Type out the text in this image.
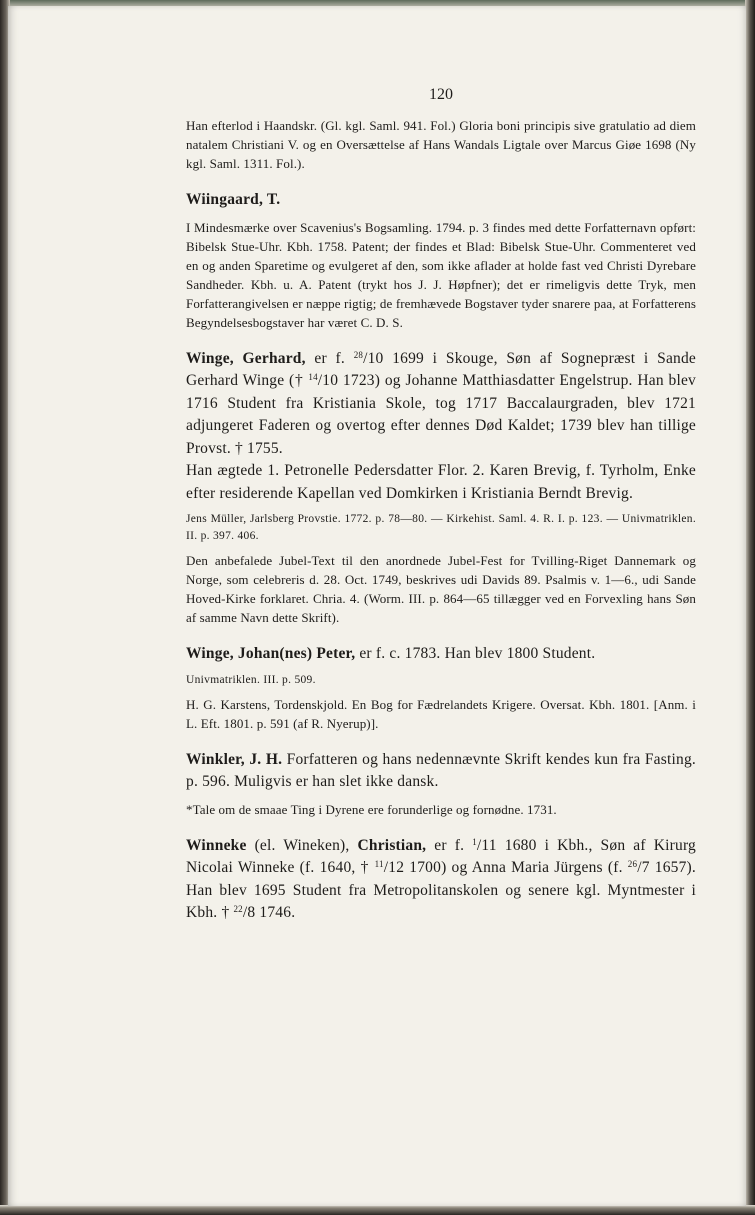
120

Han efterlod i Haandskr. (Gl. kgl. Saml. 941. Fol.) Gloria boni principis sive gratulatio ad diem natalem Christiani V. og en Oversættelse af Hans Wandals Ligtale over Marcus Giøe 1698 (Ny kgl. Saml. 1311. Fol.).

Wiingaard, T.

I Mindesmærke over Scavenius's Bogsamling. 1794. p. 3 findes med dette Forfatternavn opført: Bibelsk Stue-Uhr. Kbh. 1758. Patent; der findes et Blad: Bibelsk Stue-Uhr. Commenteret ved en og anden Sparetime og evulgeret af den, som ikke aflader at holde fast ved Christi Dyrebare Sandheder. Kbh. u. A. Patent (trykt hos J. J. Høpfner); det er rimeligvis dette Tryk, men Forfatterangivelsen er næppe rigtig; de fremhævede Bogstaver tyder snarere paa, at Forfatterens Begyndelsesbogstaver har været C. D. S.

Winge, Gerhard, er f. $^{28}$/10 1699 i Skouge, Søn af Sognepræst i Sande Gerhard Winge († $^{14}$/10 1723) og Johanne Matthiasdatter Engelstrup. Han blev 1716 Student fra Kristiania Skole, tog 1717 Baccalaurgraden, blev 1721 adjungeret Faderen og overtog efter dennes Død Kaldet; 1739 blev han tillige Provst. † 1755.

Han ægtede 1. Petronelle Pedersdatter Flor. 2. Karen Brevig, f. Tyrholm, Enke efter residerende Kapellan ved Domkirken i Kristiania Berndt Brevig.

Jens Müller, Jarlsberg Provstie. 1772. p. 78—80. — Kirkehist. Saml. 4. R. I. p. 123. — Univmatriklen. II. p. 397. 406.

Den anbefalede Jubel-Text til den anordnede Jubel-Fest for Tvilling-Riget Dannemark og Norge, som celebreris d. 28. Oct. 1749, beskrives udi Davids 89. Psalmis v. 1—6., udi Sande Hoved-Kirke forklaret. Chria. 4. (Worm. III. p. 864—65 tillægger ved en Forvexling hans Søn af samme Navn dette Skrift).

Winge, Johan(nes) Peter, er f. c. 1783. Han blev 1800 Student.

Univmatriklen. III. p. 509.

H. G. Karstens, Tordenskjold. En Bog for Fædrelandets Krigere. Oversat. Kbh. 1801. [Anm. i L. Eft. 1801. p. 591 (af R. Nyerup)].

Winkler, J. H. Forfatteren og hans nedennævnte Skrift kendes kun fra Fasting. p. 596. Muligvis er han slet ikke dansk.

*Tale om de smaae Ting i Dyrene ere forunderlige og fornødne. 1731.

Winneke (el. Wineken), Christian, er f. $^1$/11 1680 i Kbh., Søn af Kirurg Nicolai Winneke (f. 1640, † $^{11}$/12 1700) og Anna Maria Jürgens (f. $^{26}$/7 1657). Han blev 1695 Student fra Metropolitanskolen og senere kgl. Myntmester i Kbh. † $^{22}$/8 1746.
